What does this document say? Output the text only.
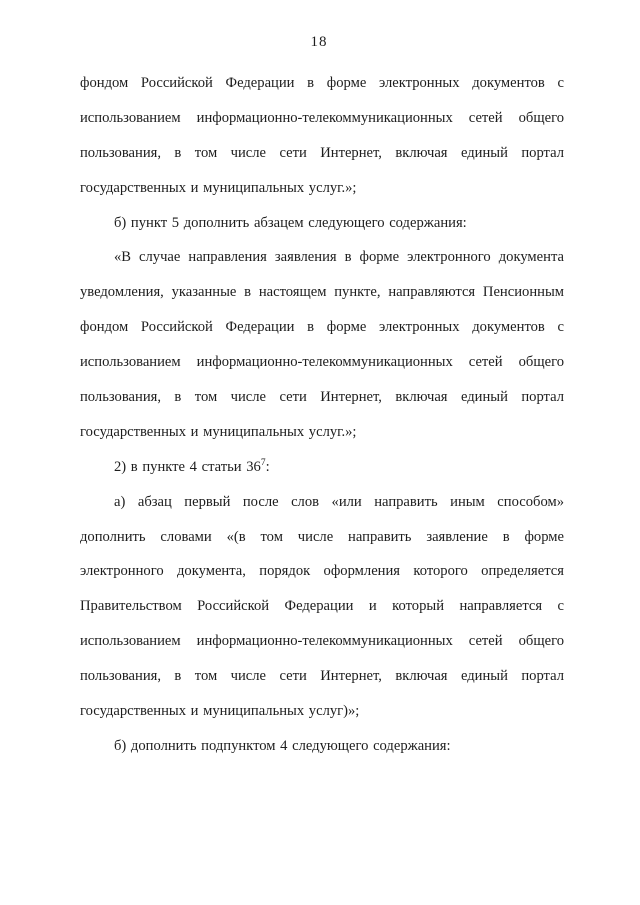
18
фондом Российской Федерации в форме электронных документов с
использованием информационно-телекоммуникационных сетей общего
пользования, в том числе сети Интернет, включая единый портал
государственных и муниципальных услуг.»;
б) пункт 5 дополнить абзацем следующего содержания:
«В случае направления заявления в форме электронного документа
уведомления, указанные в настоящем пункте, направляются Пенсионным
фондом Российской Федерации в форме электронных документов с
использованием информационно-телекоммуникационных сетей общего
пользования, в том числе сети Интернет, включая единый портал
государственных и муниципальных услуг.»;
2) в пункте 4 статьи $36^7$:
а) абзац первый после слов «или направить иным способом»
дополнить словами «(в том числе направить заявление в форме
электронного документа, порядок оформления которого определяется
Правительством Российской Федерации и который направляется с
использованием информационно-телекоммуникационных сетей общего
пользования, в том числе сети Интернет, включая единый портал
государственных и муниципальных услуг)»;
б) дополнить подпунктом 4 следующего содержания:
